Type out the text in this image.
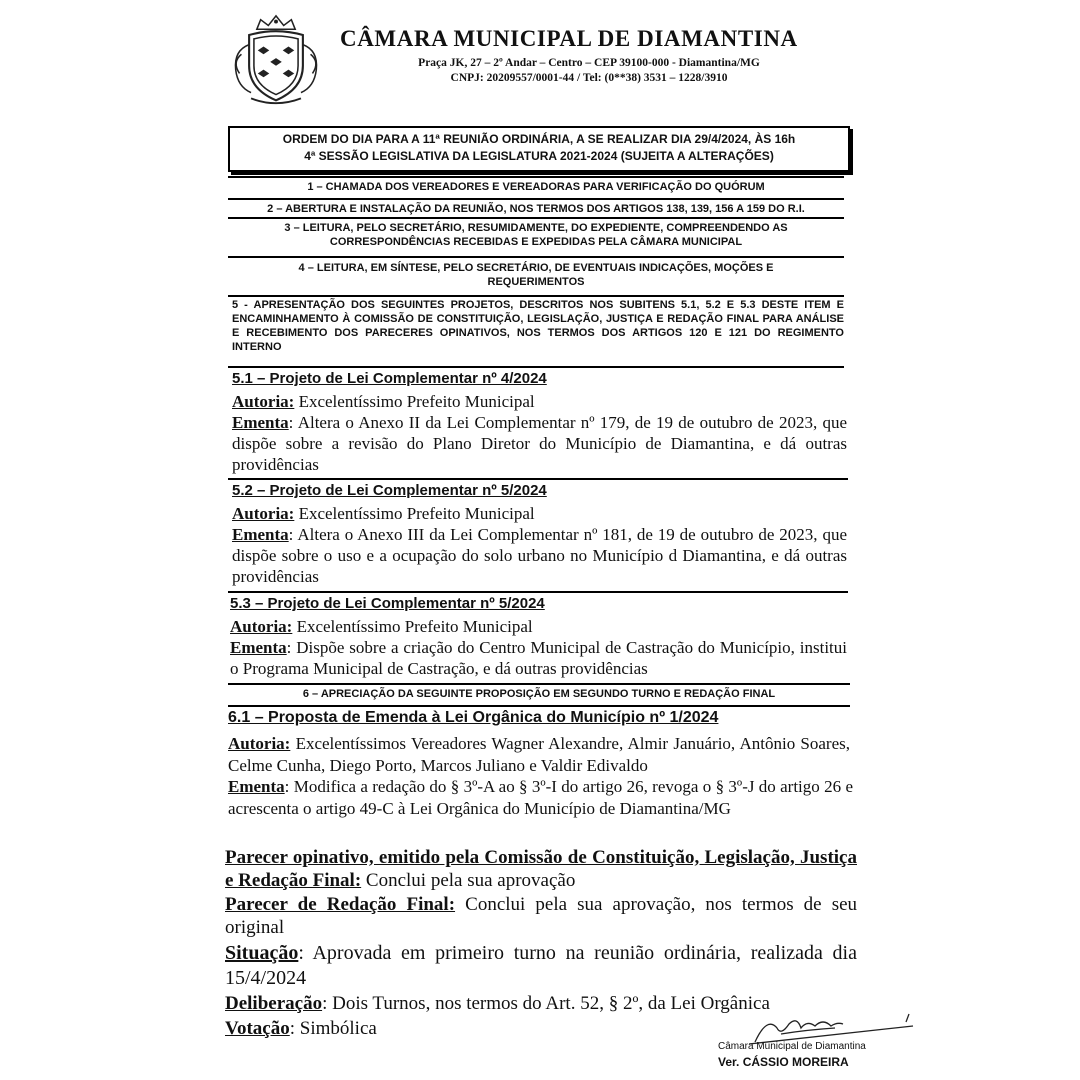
CÂMARA MUNICIPAL DE DIAMANTINA
Praça JK, 27 – 2º Andar – Centro – CEP 39100-000 - Diamantina/MG
CNPJ: 20209557/0001-44 / Tel: (0**38) 3531 – 1228/3910
ORDEM DO DIA PARA A 11ª REUNIÃO ORDINÁRIA, A SE REALIZAR DIA 29/4/2024, ÀS 16h
4ª SESSÃO LEGISLATIVA DA LEGISLATURA 2021-2024 (SUJEITA A ALTERAÇÕES)
1 – CHAMADA DOS VEREADORES E VEREADORAS PARA VERIFICAÇÃO DO QUÓRUM
2 – ABERTURA E INSTALAÇÃO DA REUNIÃO, NOS TERMOS DOS ARTIGOS 138, 139, 156 A 159 DO R.I.
3 – LEITURA, PELO SECRETÁRIO, RESUMIDAMENTE, DO EXPEDIENTE, COMPREENDENDO AS CORRESPONDÊNCIAS RECEBIDAS E EXPEDIDAS PELA CÂMARA MUNICIPAL
4 – LEITURA, EM SÍNTESE, PELO SECRETÁRIO, DE EVENTUAIS INDICAÇÕES, MOÇÕES E REQUERIMENTOS
5 - APRESENTAÇÃO DOS SEGUINTES PROJETOS, DESCRITOS NOS SUBITENS 5.1, 5.2 E 5.3 DESTE ITEM E ENCAMINHAMENTO À COMISSÃO DE CONSTITUIÇÃO, LEGISLAÇÃO, JUSTIÇA E REDAÇÃO FINAL PARA ANÁLISE E RECEBIMENTO DOS PARECERES OPINATIVOS, NOS TERMOS DOS ARTIGOS 120 E 121 DO REGIMENTO INTERNO
5.1 – Projeto de Lei Complementar nº 4/2024
Autoria: Excelentíssimo Prefeito Municipal
Ementa: Altera o Anexo II da Lei Complementar nº 179, de 19 de outubro de 2023, que dispõe sobre a revisão do Plano Diretor do Município de Diamantina, e dá outras providências
5.2 – Projeto de Lei Complementar nº 5/2024
Autoria: Excelentíssimo Prefeito Municipal
Ementa: Altera o Anexo III da Lei Complementar nº 181, de 19 de outubro de 2023, que dispõe sobre o uso e a ocupação do solo urbano no Município d Diamantina, e dá outras providências
5.3 – Projeto de Lei Complementar nº 5/2024
Autoria: Excelentíssimo Prefeito Municipal
Ementa: Dispõe sobre a criação do Centro Municipal de Castração do Município, institui o Programa Municipal de Castração, e dá outras providências
6 – APRECIAÇÃO DA SEGUINTE PROPOSIÇÃO EM SEGUNDO TURNO E REDAÇÃO FINAL
6.1 – Proposta de Emenda à Lei Orgânica do Município nº 1/2024
Autoria: Excelentíssimos Vereadores Wagner Alexandre, Almir Januário, Antônio Soares, Celme Cunha, Diego Porto, Marcos Juliano e Valdir Edivaldo
Ementa: Modifica a redação do § 3º-A ao § 3º-I do artigo 26, revoga o § 3º-J do artigo 26 e acrescenta o artigo 49-C à Lei Orgânica do Município de Diamantina/MG
Parecer opinativo, emitido pela Comissão de Constituição, Legislação, Justiça e Redação Final: Conclui pela sua aprovação
Parecer de Redação Final: Conclui pela sua aprovação, nos termos de seu original
Situação: Aprovada em primeiro turno na reunião ordinária, realizada dia 15/4/2024
Deliberação: Dois Turnos, nos termos do Art. 52, § 2º, da Lei Orgânica
Votação: Simbólica
Câmara Municipal de Diamantina
Ver. CÁSSIO MOREIRA
